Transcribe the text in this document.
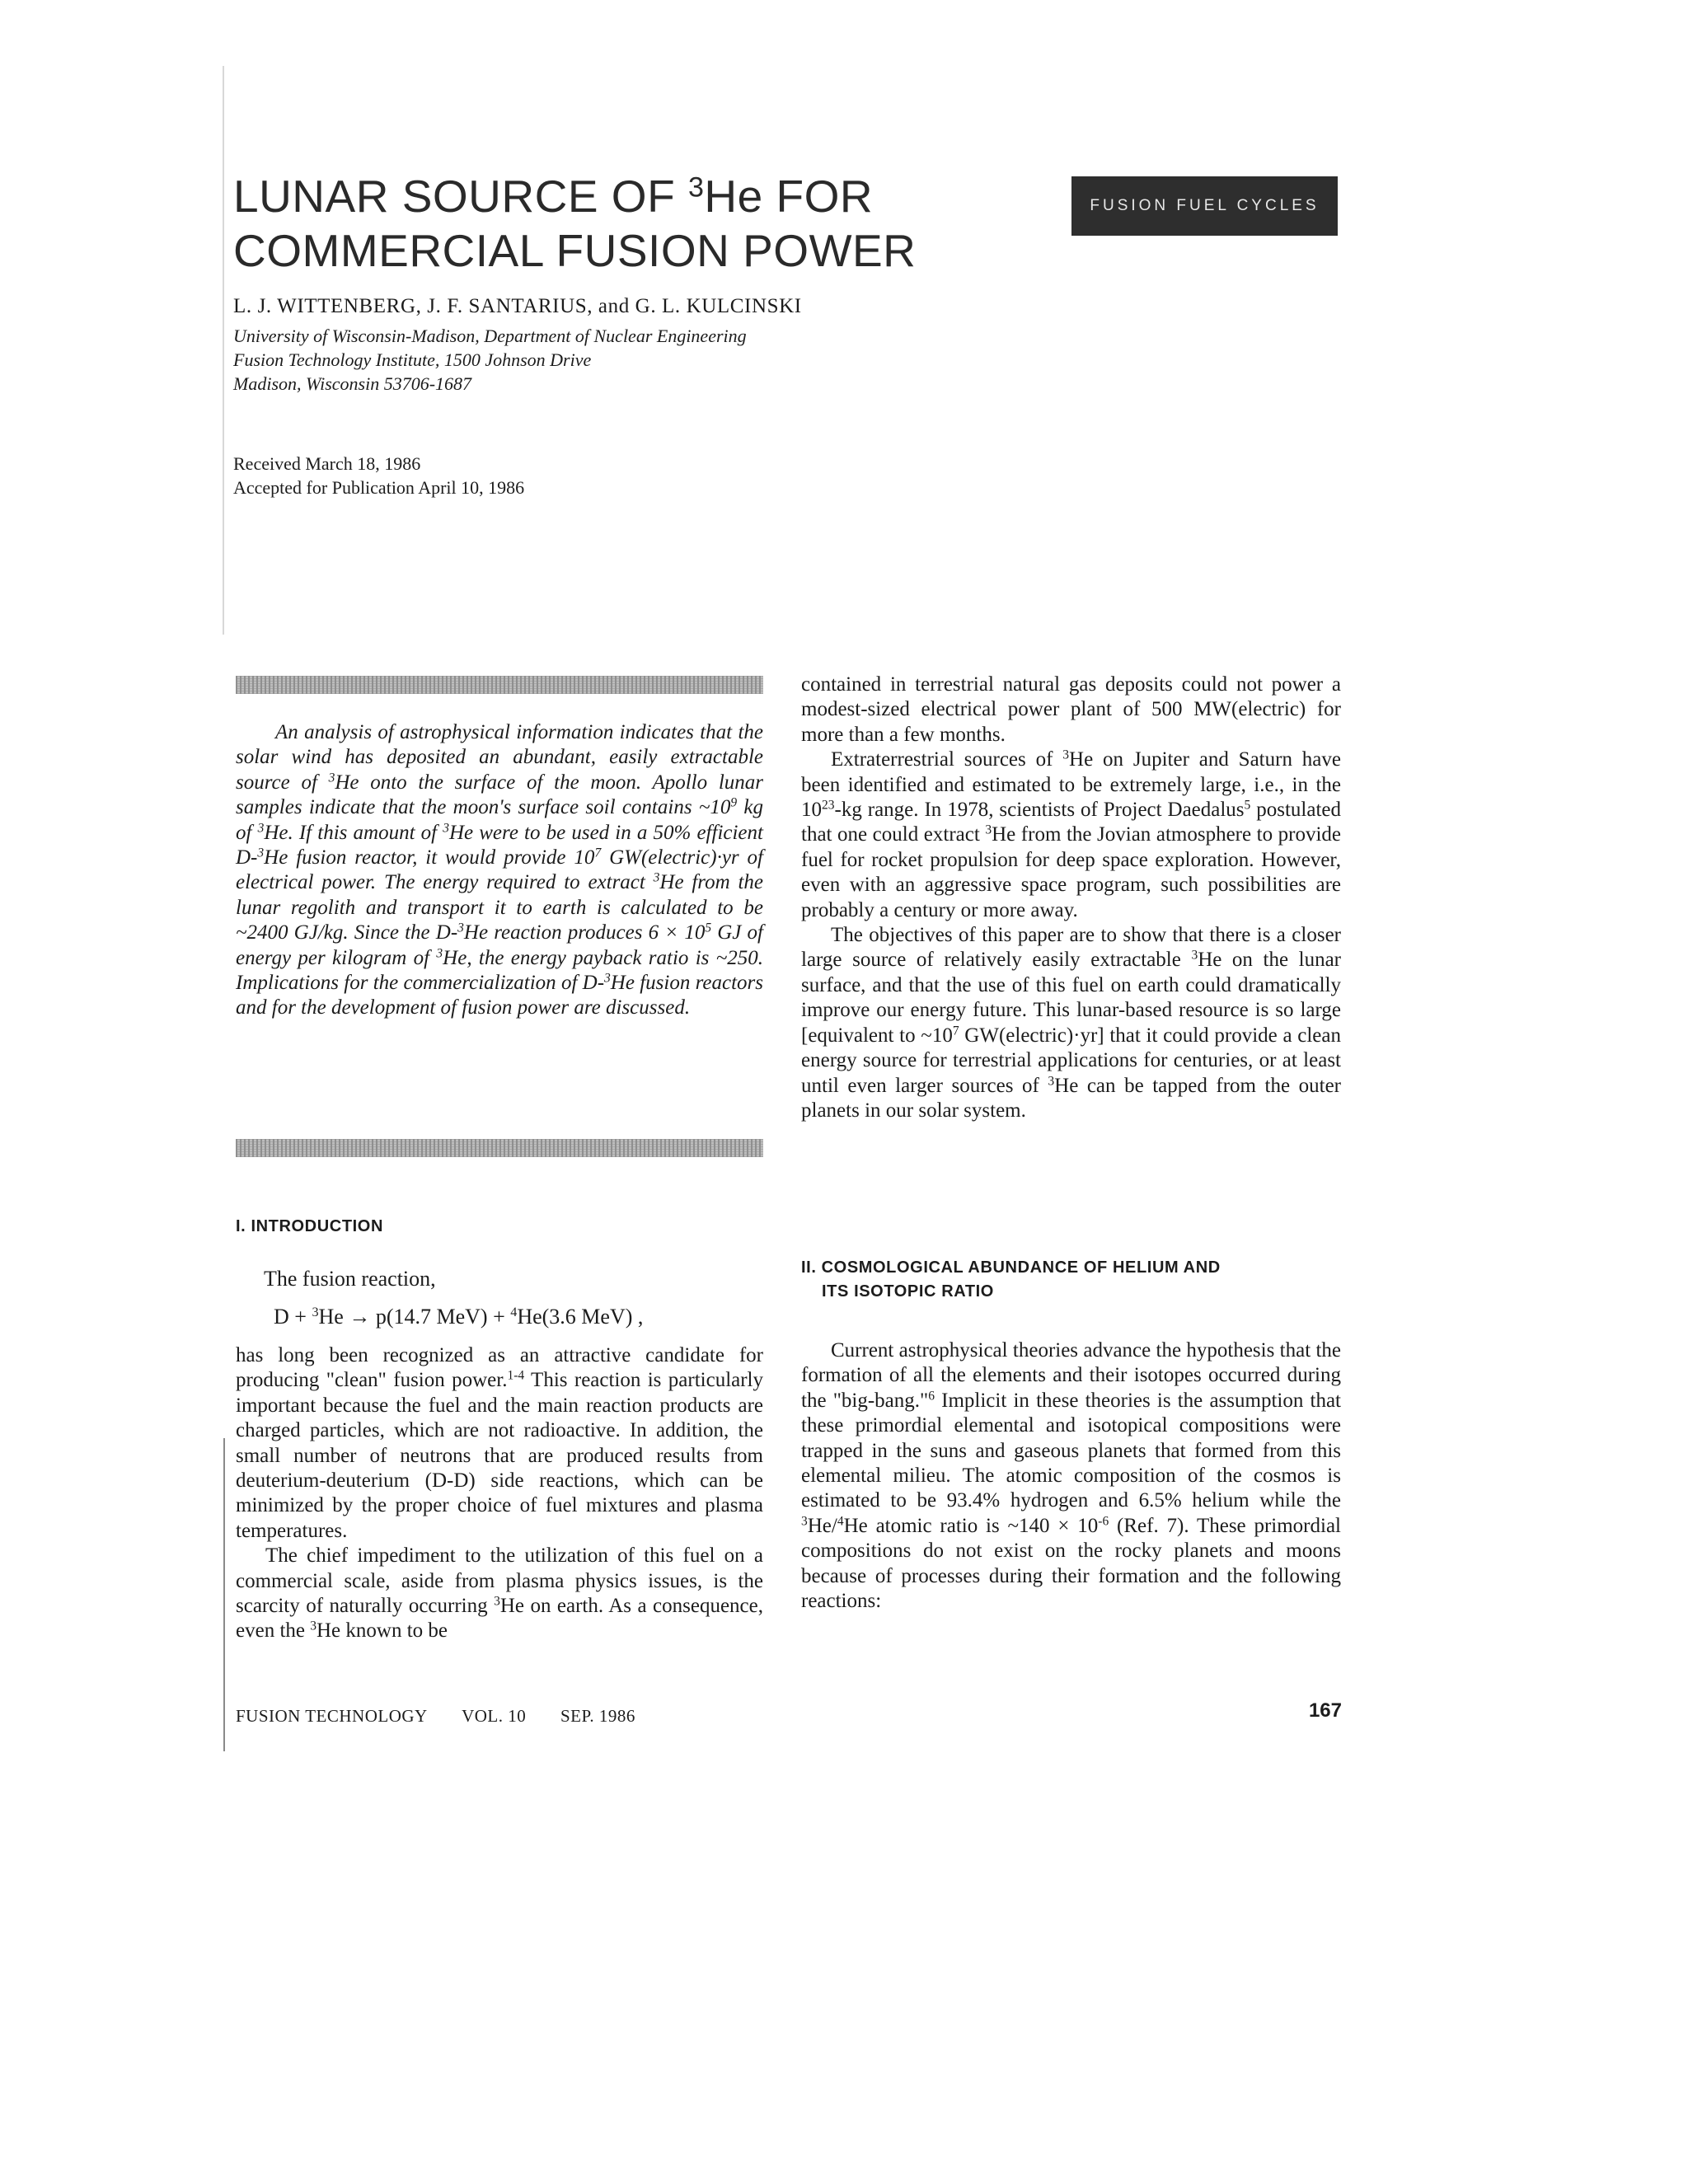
LUNAR SOURCE OF $^3$He FOR
COMMERCIAL FUSION POWER
FUSION FUEL CYCLES
L. J. WITTENBERG, J. F. SANTARIUS, and G. L. KULCINSKI
University of Wisconsin-Madison, Department of Nuclear Engineering
Fusion Technology Institute, 1500 Johnson Drive
Madison, Wisconsin 53706-1687
Received March 18, 1986
Accepted for Publication April 10, 1986

An analysis of astrophysical information indicates that the solar wind has deposited an abundant, easily extractable source of $^3$He onto the surface of the moon. Apollo lunar samples indicate that the moon's surface soil contains $\sim 10^9$ kg of $^3$He. If this amount of $^3$He were to be used in a 50% efficient D-$^3$He fusion reactor, it would provide $10^7$ GW(electric)·yr of electrical power. The energy required to extract $^3$He from the lunar regolith and transport it to earth is calculated to be ~2400 GJ/kg. Since the D-$^3$He reaction produces $6 \times 10^5$ GJ of energy per kilogram of $^3$He, the energy payback ratio is ~250. Implications for the commercialization of D-$^3$He fusion reactors and for the development of fusion power are discussed.

I. INTRODUCTION
The fusion reaction,
D + $^3$He → p(14.7 MeV) + $^4$He(3.6 MeV) ,

has long been recognized as an attractive candidate for producing "clean" fusion power.$^{1-4}$ This reaction is particularly important because the fuel and the main reaction products are charged particles, which are not radioactive. In addition, the small number of neutrons that are produced results from deuterium-deuterium (D-D) side reactions, which can be minimized by the proper choice of fuel mixtures and plasma temperatures.

The chief impediment to the utilization of this fuel on a commercial scale, aside from plasma physics issues, is the scarcity of naturally occurring $^3$He on earth. As a consequence, even the $^3$He known to be

contained in terrestrial natural gas deposits could not power a modest-sized electrical power plant of 500 MW(electric) for more than a few months.

Extraterrestrial sources of $^3$He on Jupiter and Saturn have been identified and estimated to be extremely large, i.e., in the $10^{23}-kg$ range. In 1978, scientists of Project Daedalus$^5$ postulated that one could extract $^3$He from the Jovian atmosphere to provide fuel for rocket propulsion for deep space exploration. However, even with an aggressive space program, such possibilities are probably a century or more away.

The objectives of this paper are to show that there is a closer large source of relatively easily extractable $^3$He on the lunar surface, and that the use of this fuel on earth could dramatically improve our energy future. This lunar-based resource is so large [equivalent to $\sim 10^7$ GW(electric)·yr] that it could provide a clean energy source for terrestrial applications for centuries, or at least until even larger sources of $^3$He can be tapped from the outer planets in our solar system.

II. COSMOLOGICAL ABUNDANCE OF HELIUM AND
ITS ISOTOPIC RATIO

Current astrophysical theories advance the hypothesis that the formation of all the elements and their isotopes occurred during the "big-bang."$^6$ Implicit in these theories is the assumption that these primordial elemental and isotopical compositions were trapped in the suns and gaseous planets that formed from this elemental milieu. The atomic composition of the cosmos is estimated to be 93.4% hydrogen and 6.5% helium while the $^3$He/$^4$He atomic ratio is ~140 × $10^{-6}$ (Ref. 7). These primordial compositions do not exist on the rocky planets and moons because of processes during their formation and the following reactions:

FUSION TECHNOLOGY VOL. 10 SEP. 1986	167
